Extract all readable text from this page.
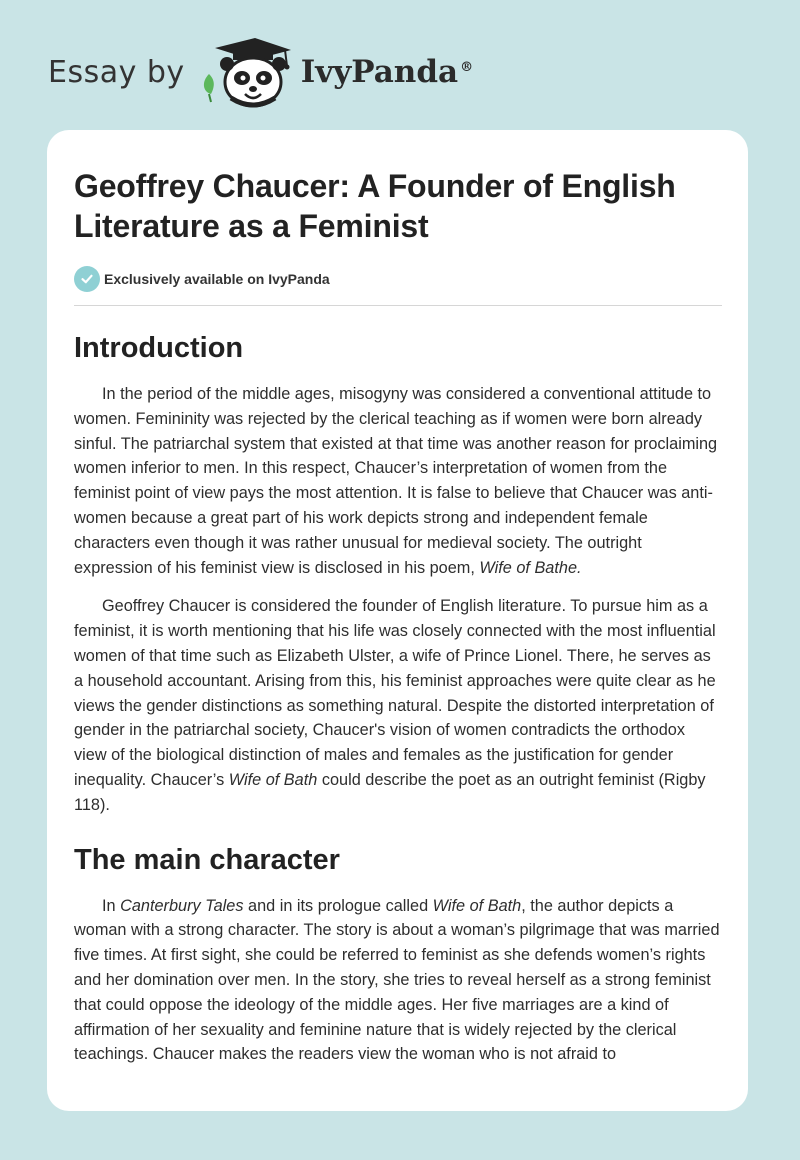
Essay by	IvyPanda ®
Geoffrey Chaucer: A Founder of English Literature as a Feminist
Exclusively available on IvyPanda
Introduction

In the period of the middle ages, misogyny was considered a conventional attitude to women. Femininity was rejected by the clerical teaching as if women were born already sinful. The patriarchal system that existed at that time was another reason for proclaiming women inferior to men. In this respect, Chaucer’s interpretation of women from the feminist point of view pays the most attention. It is false to believe that Chaucer was anti-women because a great part of his work depicts strong and independent female characters even though it was rather unusual for medieval society. The outright expression of his feminist view is disclosed in his poem, Wife of Bathe.

Geoffrey Chaucer is considered the founder of English literature. To pursue him as a feminist, it is worth mentioning that his life was closely connected with the most influential women of that time such as Elizabeth Ulster, a wife of Prince Lionel. There, he serves as a household accountant. Arising from this, his feminist approaches were quite clear as he views the gender distinctions as something natural. Despite the distorted interpretation of gender in the patriarchal society, Chaucer's vision of women contradicts the orthodox view of the biological distinction of males and females as the justification for gender inequality. Chaucer’s Wife of Bath could describe the poet as an outright feminist (Rigby 118).

The main character

In Canterbury Tales and in its prologue called Wife of Bath, the author depicts a woman with a strong character. The story is about a woman’s pilgrimage that was married five times. At first sight, she could be referred to feminist as she defends women’s rights and her domination over men. In the story, she tries to reveal herself as a strong feminist that could oppose the ideology of the middle ages. Her five marriages are a kind of affirmation of her sexuality and feminine nature that is widely rejected by the clerical teachings. Chaucer makes the readers view the woman who is not afraid to
